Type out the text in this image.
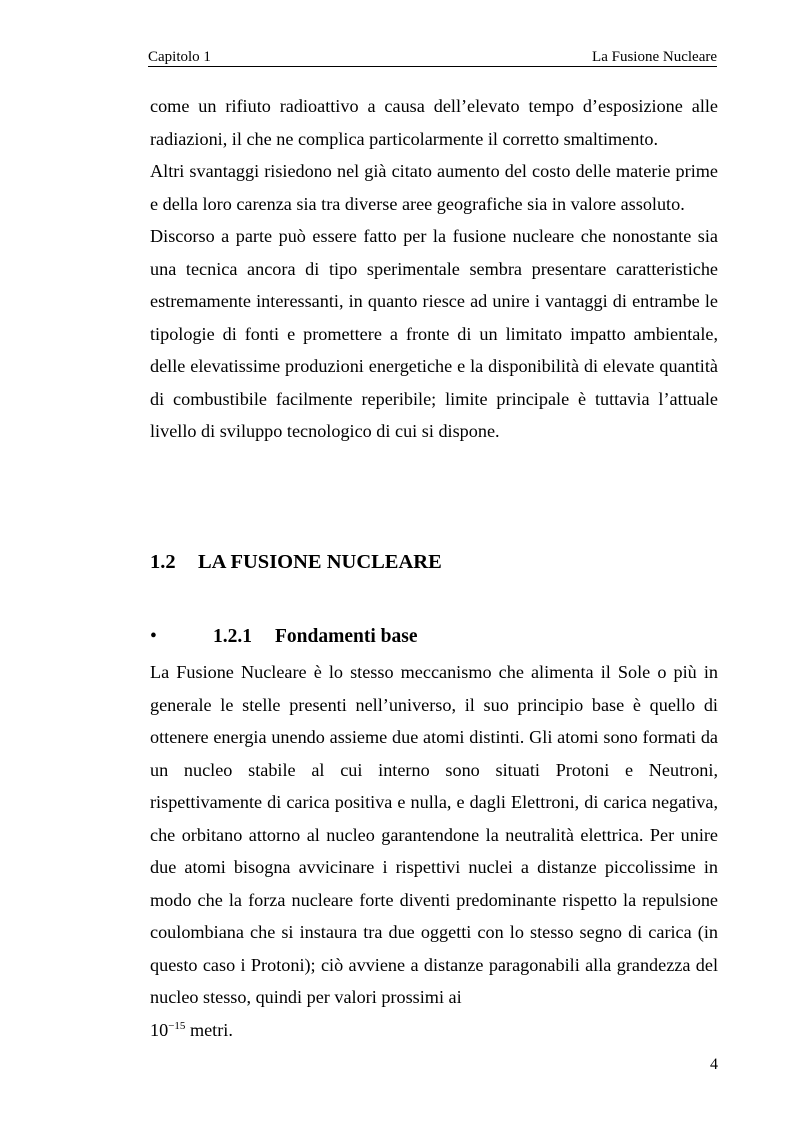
Capitolo 1	La Fusione Nucleare

come un rifiuto radioattivo a causa dell’elevato tempo d’esposizione alle radiazioni, il che ne complica particolarmente il corretto smaltimento.

Altri svantaggi risiedono nel già citato aumento del costo delle materie prime e della loro carenza sia tra diverse aree geografiche sia in valore assoluto.

Discorso a parte può essere fatto per la fusione nucleare che nonostante sia una tecnica ancora di tipo sperimentale sembra presentare caratteristiche estremamente interessanti, in quanto riesce ad unire i vantaggi di entrambe le tipologie di fonti e promettere a fronte di un limitato impatto ambientale, delle elevatissime produzioni energetiche e la disponibilità di elevate quantità di combustibile facilmente reperibile; limite principale è tuttavia l’attuale livello di sviluppo tecnologico di cui si dispone.

1.2 LA FUSIONE NUCLEARE
•	1.2.1 Fondamenti base

La Fusione Nucleare è lo stesso meccanismo che alimenta il Sole o più in generale le stelle presenti nell’universo, il suo principio base è quello di ottenere energia unendo assieme due atomi distinti. Gli atomi sono formati da un nucleo stabile al cui interno sono situati Protoni e Neutroni, rispettivamente di carica positiva e nulla, e dagli Elettroni, di carica negativa, che orbitano attorno al nucleo garantendone la neutralità elettrica. Per unire due atomi bisogna avvicinare i rispettivi nuclei a distanze piccolissime in modo che la forza nucleare forte diventi predominante rispetto la repulsione coulombiana che si instaura tra due oggetti con lo stesso segno di carica (in questo caso i Protoni); ciò avviene a distanze paragonabili alla grandezza del nucleo stesso, quindi per valori prossimi ai
$10^{-15}$ metri.

4
